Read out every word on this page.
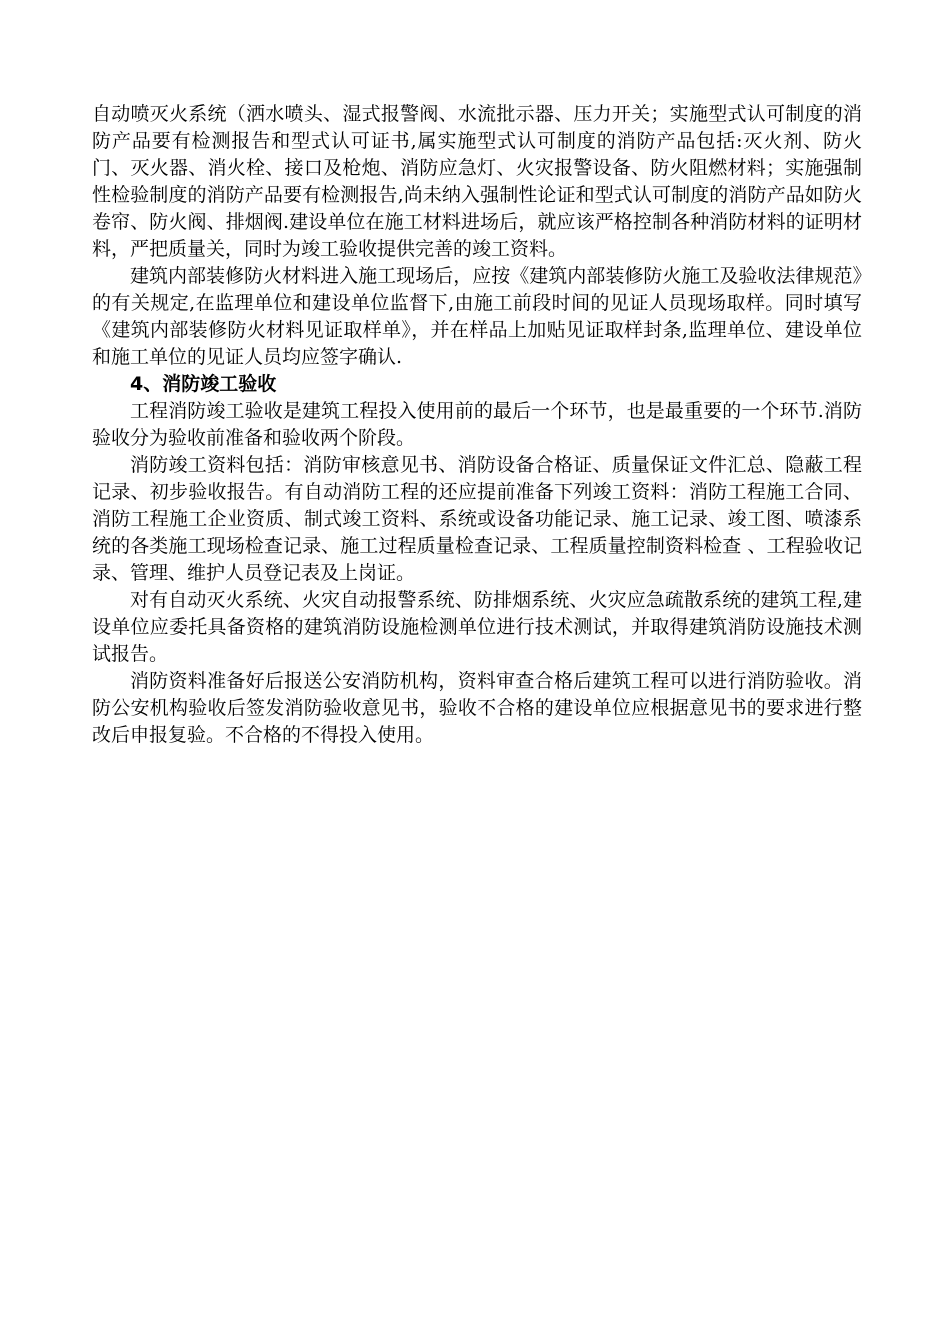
自动喷灭火系统（洒水喷头、湿式报警阀、水流批示器、压力开关；实施型式认可制度的消防产品要有检测报告和型式认可证书,属实施型式认可制度的消防产品包括:灭火剂、防火门、灭火器、消火栓、接口及枪炮、消防应急灯、火灾报警设备、防火阻燃材料；实施强制性检验制度的消防产品要有检测报告,尚未纳入强制性论证和型式认可制度的消防产品如防火卷帘、防火阀、排烟阀.建设单位在施工材料进场后，就应该严格控制各种消防材料的证明材料，严把质量关，同时为竣工验收提供完善的竣工资料。

建筑内部装修防火材料进入施工现场后，应按《建筑内部装修防火施工及验收法律规范》的有关规定,在监理单位和建设单位监督下,由施工前段时间的见证人员现场取样。同时填写《建筑内部装修防火材料见证取样单》，并在样品上加贴见证取样封条,监理单位、建设单位和施工单位的见证人员均应签字确认.

4、消防竣工验收

工程消防竣工验收是建筑工程投入使用前的最后一个环节，也是最重要的一个环节.消防验收分为验收前准备和验收两个阶段。

消防竣工资料包括：消防审核意见书、消防设备合格证、质量保证文件汇总、隐蔽工程记录、初步验收报告。有自动消防工程的还应提前准备下列竣工资料：消防工程施工合同、消防工程施工企业资质、制式竣工资料、系统或设备功能记录、施工记录、竣工图、喷漆系统的各类施工现场检查记录、施工过程质量检查记录、工程质量控制资料检查 、工程验收记录、管理、维护人员登记表及上岗证。

对有自动灭火系统、火灾自动报警系统、防排烟系统、火灾应急疏散系统的建筑工程,建设单位应委托具备资格的建筑消防设施检测单位进行技术测试，并取得建筑消防设施技术测试报告。

消防资料准备好后报送公安消防机构，资料审查合格后建筑工程可以进行消防验收。消防公安机构验收后签发消防验收意见书，验收不合格的建设单位应根据意见书的要求进行整改后申报复验。不合格的不得投入使用。
